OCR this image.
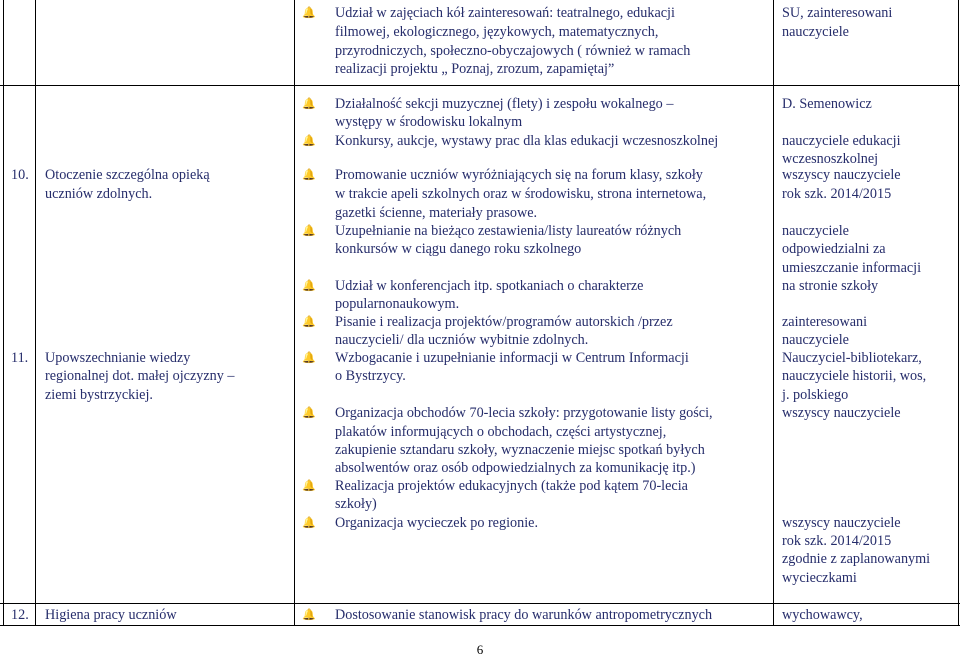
🔔 Udział w zajęciach kół zainteresowań: teatralnego, edukacji
filmowej, ekologicznego, językowych, matematycznych,
przyrodniczych, społeczno-obyczajowych ( również w ramach
realizacji projektu „ Poznaj, zrozum, zapamiętaj”
SU, zainteresowani
nauczyciele
10. Otoczenie szczególna opieką
uczniów zdolnych.
🔔 Działalność sekcji muzycznej (flety) i zespołu wokalnego –
występy w środowisku lokalnym
🔔 Konkursy, aukcje, wystawy prac dla klas edukacji wczesnoszkolnej
🔔 Promowanie uczniów wyróżniających się na forum klasy, szkoły
w trakcie apeli szkolnych oraz w środowisku, strona internetowa,
gazetki ścienne, materiały prasowe.
🔔 Uzupełnianie na bieżąco zestawienia/listy laureatów różnych
konkursów w ciągu danego roku szkolnego
🔔 Udział w konferencjach itp. spotkaniach o charakterze
popularnonaukowym.
🔔 Pisanie i realizacja projektów/programów autorskich /przez
nauczycieli/ dla uczniów wybitnie zdolnych.
D. Semenowicz
nauczyciele edukacji
wczesnoszkolnej
wszyscy nauczyciele
rok szk. 2014/2015
nauczyciele
odpowiedzialni za
umieszczanie informacji
na stronie szkoły
zainteresowani
nauczyciele
11. Upowszechnianie wiedzy
regionalnej dot. małej ojczyzny –
ziemi bystrzyckiej.
🔔 Wzbogacanie i uzupełnianie informacji w Centrum Informacji
o Bystrzycy.
🔔 Organizacja obchodów 70-lecia szkoły: przygotowanie listy gości,
plakatów informujących o obchodach, części artystycznej,
zakupienie sztandaru szkoły, wyznaczenie miejsc spotkań byłych
absolwentów oraz osób odpowiedzialnych za komunikację itp.)
🔔 Realizacja projektów edukacyjnych (także pod kątem 70-lecia
szkoły)
🔔 Organizacja wycieczek po regionie.
Nauczyciel-bibliotekarz,
nauczyciele historii, wos,
j. polskiego
wszyscy nauczyciele
wszyscy nauczyciele
rok szk. 2014/2015
zgodnie z zaplanowanymi
wycieczkami
12. Higiena pracy uczniów	🔔 Dostosowanie stanowisk pracy do warunków antropometrycznych	wychowawcy,
6
